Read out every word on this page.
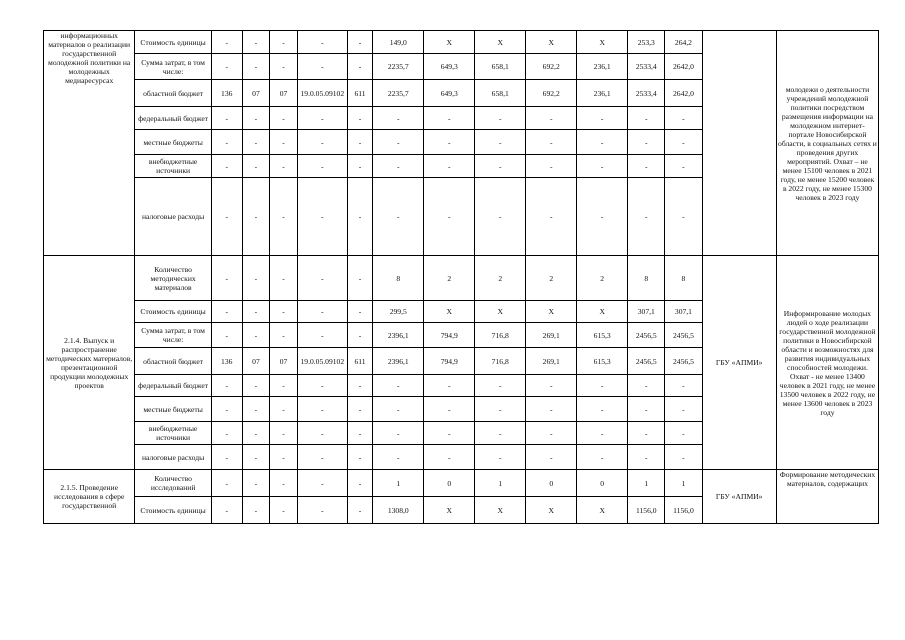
информационных материалов о реализации государственной молодежной политики на молодежных медиаресурсах	Стоимость единицы	-	-	-	-	-	149,0	Х	Х	Х	Х	253,3	264,2		молодежи о деятельности учреждений молодежной политики посредством размещения информации на молодежном интернет-портале Новосибирской области, в социальных сетях и проведения других мероприятий. Охват – не менее 15100 человек в 2021 году, не менее 15200 человек в 2022 году, не менее 15300 человек в 2023 году
	Сумма затрат, в том числе:	-	-	-	-	-	2235,7	649,3	658,1	692,2	236,1	2533,4	2642,0		
	областной бюджет	136	07	07	19.0.05.09102	611	2235,7	649,3	658,1	692,2	236,1	2533,4	2642,0		
	федеральный бюджет	-	-	-	-	-	-	-	-	-	-	-	-		
	местные бюджеты	-	-	-	-	-	-	-	-	-	-	-	-		
	внебюджетные источники	-	-	-	-	-	-	-	-	-	-	-	-		
	налоговые расходы	-	-	-	-	-	-	-	-	-	-	-	-		
2.1.4. Выпуск и распространение методических материалов, презентационной продукции молодежных проектов	Количество методических материалов	-	-	-	-	-	8	2	2	2	2	8	8	ГБУ «АПМИ»	Информирование молодых людей о ходе реализации государственной молодежной политики в Новосибирской области и возможностях для развития индивидуальных способностей молодежи. Охват - не менее 13400 человек в 2021 году, не менее 13500 человек в 2022 году, не менее 13600 человек в 2023 году
	Стоимость единицы	-	-	-	-	-	299,5	Х	Х	Х	Х	307,1	307,1		
	Сумма затрат, в том числе:	-	-	-	-	-	2396,1	794,9	716,8	269,1	615,3	2456,5	2456,5		
	областной бюджет	136	07	07	19.0.05.09102	611	2396,1	794,9	716,8	269,1	615,3	2456,5	2456,5		
	федеральный бюджет	-	-	-	-	-	-	-	-	-	-	-	-		
	местные бюджеты	-	-	-	-	-	-	-	-	-	-	-	-		
	внебюджетные источники	-	-	-	-	-	-	-	-	-	-	-	-		
	налоговые расходы	-	-	-	-	-	-	-	-	-	-	-	-		
2.1.5. Проведение исследования в сфере государственной	Количество исследований	-	-	-	-	-	1	0	1	0	0	1	1	ГБУ «АПМИ»	Формирование методических материалов, содержащих
	Стоимость единицы	-	-	-	-	-	1308,0	Х	Х	Х	Х	1156,0	1156,0		
